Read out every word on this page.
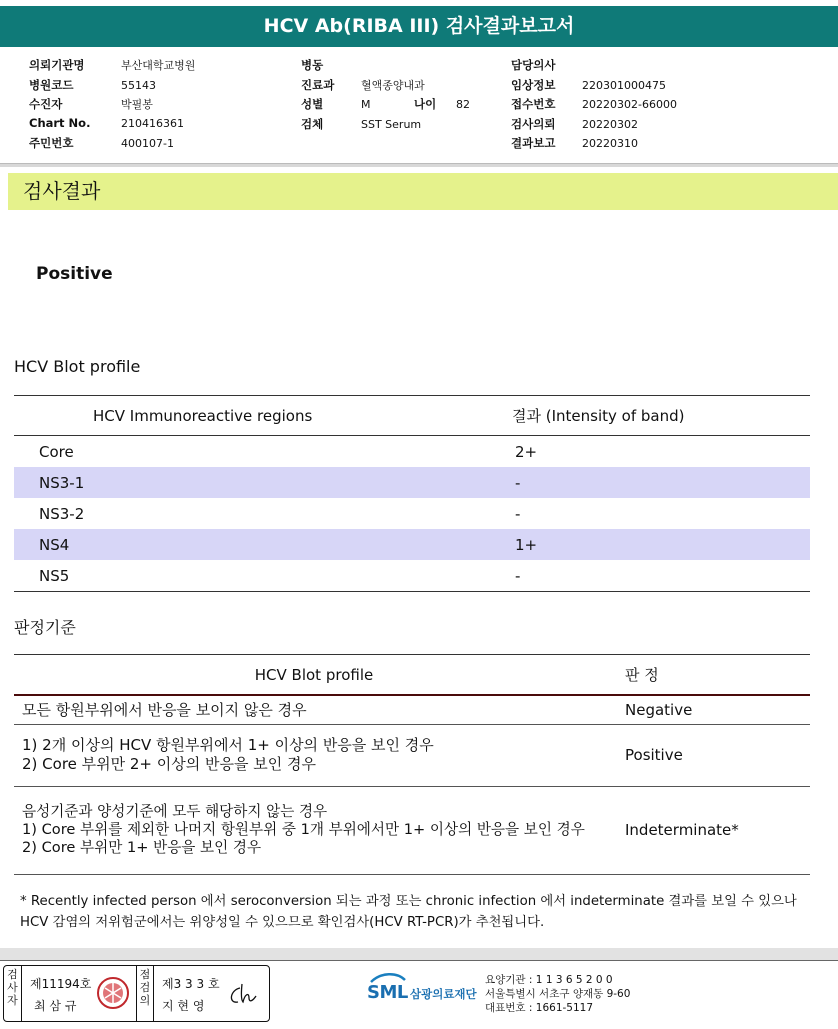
HCV Ab(RIBA III) 검사결과보고서
의뢰기관명	부산대학교병원
병원코드	55143
수진자	박필봉
Chart No.	210416361
주민번호	400107-1
병동
진료과 혈액종양내과
성별	M	나이 82
검체	SST Serum
담당의사
임상정보 220301000475
접수번호 20220302-66000
검사의뢰 20220302
결과보고 20220310
검사결과
Positive
HCV Blot profile
HCV Immunoreactive regions	결과 (Intensity of band)
Core	2+
NS3-1	-
NS3-2	-
NS4	1+
NS5	-
판정기준
HCV Blot profile	판 정

모든 항원부위에서 반응을 보이지 않은 경우	Negative

1) 2개 이상의 HCV 항원부위에서 1+ 이상의 반응을 보인 경우
2) Core 부위만 2+ 이상의 반응을 보인 경우	Positive

음성기준과 양성기준에 모두 해당하지 않는 경우
1) Core 부위를 제외한 나머지 항원부위 중 1개 부위에서만 1+ 이상의 반응을 보인 경우
2) Core 부위만 1+ 반응을 보인 경우	Indeterminate*
* Recently infected person 에서 seroconversion 되는 과정 또는 chronic infection 에서 indeterminate 결과를 보일 수 있으나 HCV 감염의 저위험군에서는 위양성일 수 있으므로 확인검사(HCV RT-PCR)가 추천됩니다.
검사자
제11194호
최 삼 규
점검의
제3 3 3 호
지 현 영
SML 삼광의료재단
요양기관 : 1 1 3 6 5 2 0 0
서울특별시 서초구 양재동 9-60
대표번호 : 1661-5117
